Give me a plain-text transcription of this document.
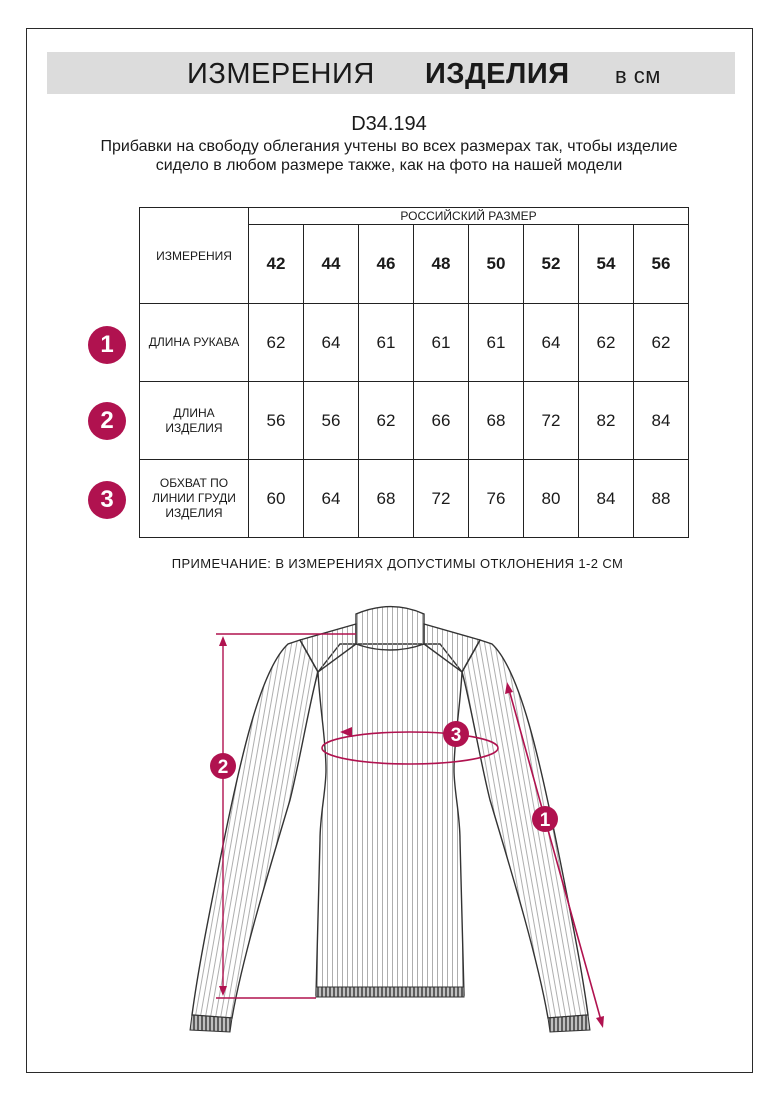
ИЗМЕРЕНИЯ ИЗДЕЛИЯ в см
D34.194
Прибавки на свободу облегания учтены во всех размерах так, чтобы изделие сидело в любом размере также, как на фото на нашей модели
ИЗМЕРЕНИЯ	РОССИЙСКИЙ РАЗМЕР							
	42	44	46	48	50	52	54	56
ДЛИНА РУКАВА	62	64	61	61	61	64	62	62
ДЛИНА ИЗДЕЛИЯ	56	56	62	66	68	72	82	84
ОБХВАТ ПО ЛИНИИ ГРУДИ ИЗДЕЛИЯ	60	64	68	72	76	80	84	88
1
2
3
ПРИМЕЧАНИЕ: В ИЗМЕРЕНИЯХ ДОПУСТИМЫ ОТКЛОНЕНИЯ 1-2 СМ
2
3
1
